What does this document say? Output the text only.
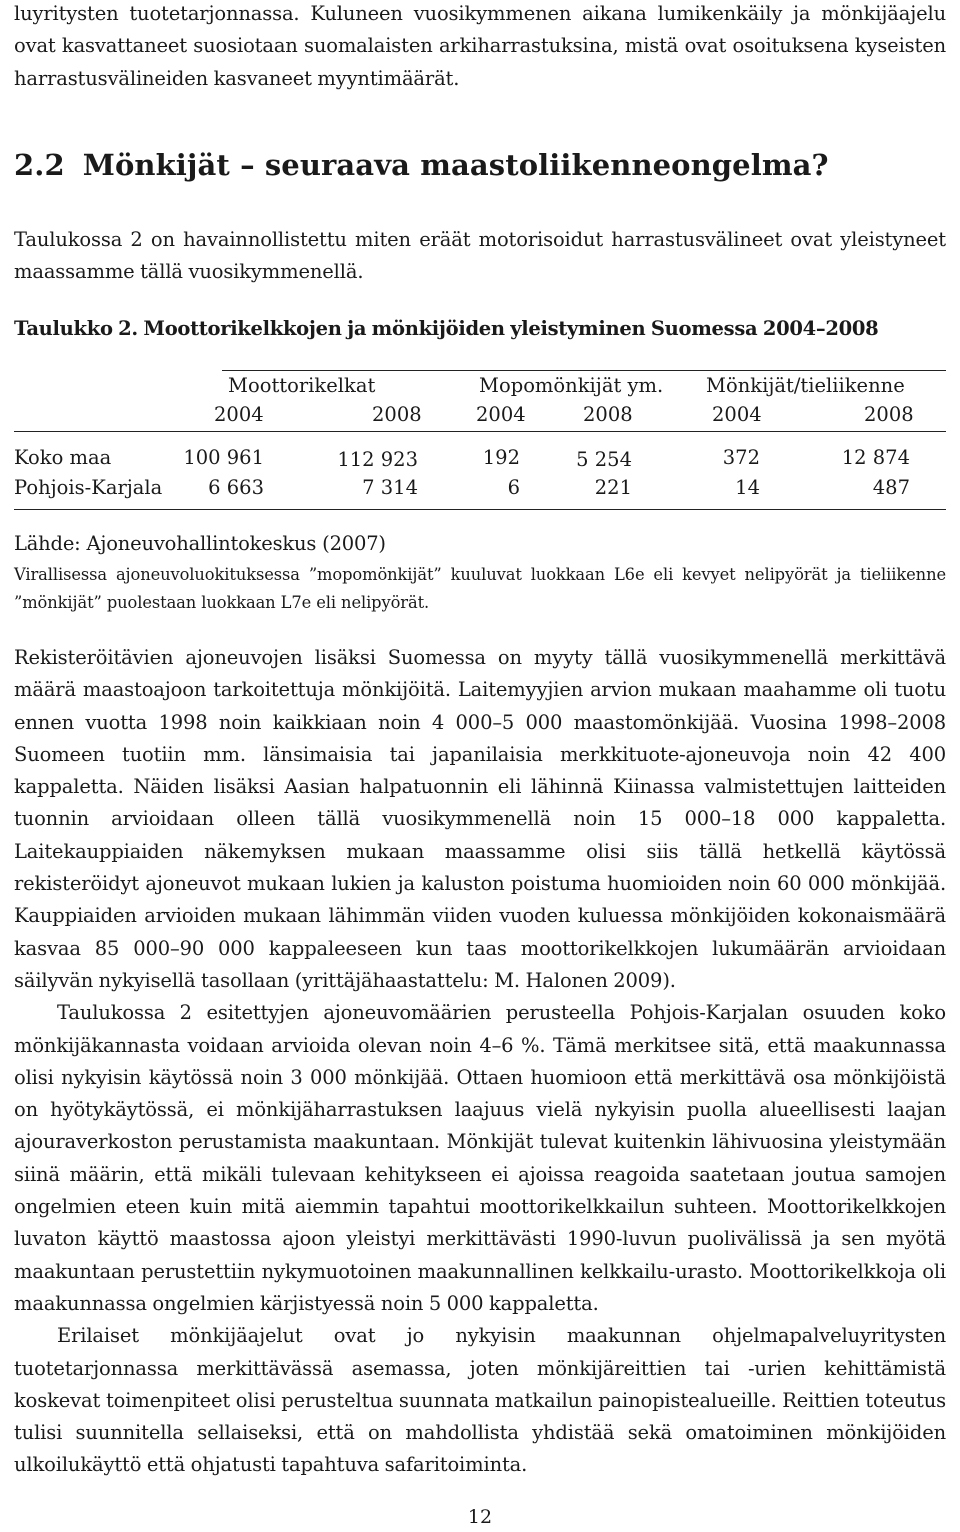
luyritysten tuotetarjonnassa. Kuluneen vuosikymmenen aikana lumikenkäily ja mönkijäajelu ovat kasvattaneet suosiotaan suomalaisten arkiharrastuksina, mistä ovat osoituksena kyseisten harrastusvälineiden kasvaneet myyntimäärät.

2.2 Mönkijät – seuraava maastoliikenneongelma?

Taulukossa 2 on havainnollistettu miten eräät motorisoidut harrastusvälineet ovat yleistyneet maassamme tällä vuosikymmenellä.

Taulukko 2. Moottorikelkkojen ja mönkijöiden yleistyminen Suomessa 2004–2008

Moottorikelkat	Mopomönkijät ym. Mönkijät/tieliikenne
2004	2008	2004	2008	2004	2008
Koko maa	100 961	112 923	192	5 254	372	12 874
Pohjois-Karjala 6 663	7 314	6	221	14	487

Lähde: Ajoneuvohallintokeskus (2007)

Virallisessa ajoneuvoluokituksessa ”mopomönkijät” kuuluvat luokkaan L6e eli kevyet nelipyörät ja tieliikenne ”mönkijät” puolestaan luokkaan L7e eli nelipyörät.

Rekisteröitävien ajoneuvojen lisäksi Suomessa on myyty tällä vuosikymmenellä merkittävä määrä maastoajoon tarkoitettuja mönkijöitä. Laitemyyjien arvion mukaan maahamme oli tuotu ennen vuotta 1998 noin kaikkiaan noin 4 000–5 000 maastomönkijää. Vuosina 1998–2008 Suomeen tuotiin mm. länsimaisia tai japanilaisia merkkituote-ajoneuvoja noin 42 400 kappaletta. Näiden lisäksi Aasian halpatuonnin eli lähinnä Kiinassa valmistettujen laitteiden tuonnin arvioidaan olleen tällä vuosikymmenellä noin 15 000–18 000 kappaletta. Laitekauppiaiden näkemyksen mukaan maassamme olisi siis tällä hetkellä käytössä rekisteröidyt ajoneuvot mukaan lukien ja kaluston poistuma huomioiden noin 60 000 mönkijää. Kauppiaiden arvioiden mukaan lähimmän viiden vuoden kuluessa mönkijöiden kokonaismäärä kasvaa 85 000–90 000 kappaleeseen kun taas moottorikelkkojen lukumäärän arvioidaan säilyvän nykyisellä tasollaan (yrittäjähaastattelu: M. Halonen 2009).

Taulukossa 2 esitettyjen ajoneuvomäärien perusteella Pohjois-Karjalan osuuden koko mönkijäkannasta voidaan arvioida olevan noin 4–6 %. Tämä merkitsee sitä, että maakunnassa olisi nykyisin käytössä noin 3 000 mönkijää. Ottaen huomioon että merkittävä osa mönkijöistä on hyötykäytössä, ei mönkijäharrastuksen laajuus vielä nykyisin puolla alueellisesti laajan ajouraverkoston perustamista maakuntaan. Mönkijät tulevat kuitenkin lähivuosina yleistymään siinä määrin, että mikäli tulevaan kehitykseen ei ajoissa reagoida saatetaan joutua samojen ongelmien eteen kuin mitä aiemmin tapahtui moottorikelkkailun suhteen. Moottorikelkkojen luvaton käyttö maastossa ajoon yleistyi merkittävästi 1990-luvun puolivälissä ja sen myötä maakuntaan perustettiin nykymuotoinen maakunnallinen kelkkailu-urasto. Moottorikelkkoja oli maakunnassa ongelmien kärjistyessä noin 5 000 kappaletta.

Erilaiset mönkijäajelut ovat jo nykyisin maakunnan ohjelmapalveluyritysten tuotetarjonnassa merkittävässä asemassa, joten mönkijäreittien tai -urien kehittämistä koskevat toimenpiteet olisi perusteltua suunnata matkailun painopistealueille. Reittien toteutus tulisi suunnitella sellaiseksi, että on mahdollista yhdistää sekä omatoiminen mönkijöiden ulkoilukäyttö että ohjatusti tapahtuva safaritoiminta.

12
